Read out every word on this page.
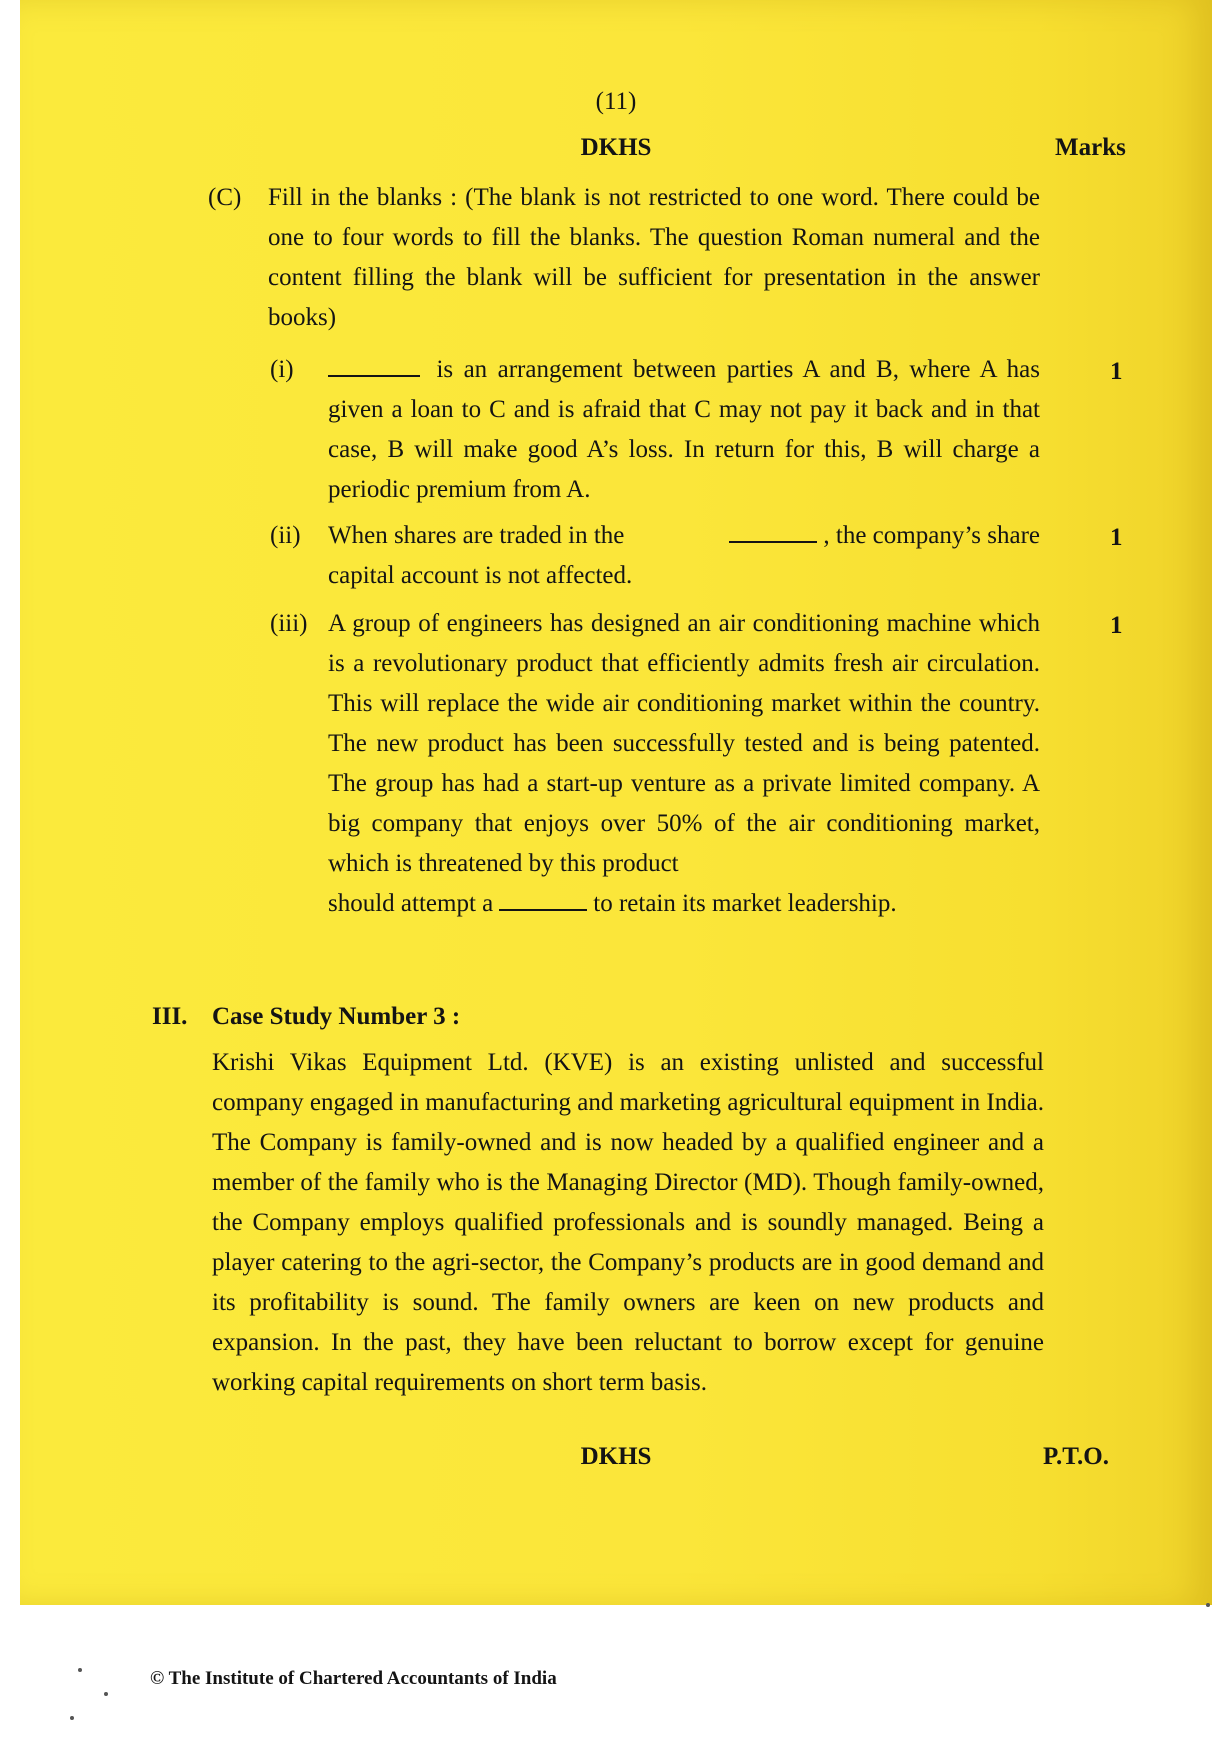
(11)
DKHS	Marks
(C) Fill in the blanks : (The blank is not restricted to one word. There could be one to four words to fill the blanks. The question Roman numeral and the content filling the blank will be sufficient for presentation in the answer books)
(i)	is an arrangement between parties A and B, where A has given a loan to C and is afraid that C may not pay it back and in that case, B will make good A’s loss. In return for this, B will charge a periodic premium from A.
1
(ii) When shares are traded in the	, the company’s share
capital account is not affected.
1
(iii) A group of engineers has designed an air conditioning machine which is a revolutionary product that efficiently admits fresh air circulation. This will replace the wide air conditioning market within the country. The new product has been successfully tested and is being patented. The group has had a start-up venture as a private limited company. A big company that enjoys over 50% of the air conditioning market, which is threatened by this product
should attempt a	to retain its market leadership.
1
III. Case Study Number 3 :
Krishi Vikas Equipment Ltd. (KVE) is an existing unlisted and successful company engaged in manufacturing and marketing agricultural equipment in India. The Company is family-owned and is now headed by a qualified engineer and a member of the family who is the Managing Director (MD). Though family-owned, the Company employs qualified professionals and is soundly managed. Being a player catering to the agri-sector, the Company’s products are in good demand and its profitability is sound. The family owners are keen on new products and expansion. In the past, they have been reluctant to borrow except for genuine working capital requirements on short term basis.
DKHS	P.T.O.
© The Institute of Chartered Accountants of India
